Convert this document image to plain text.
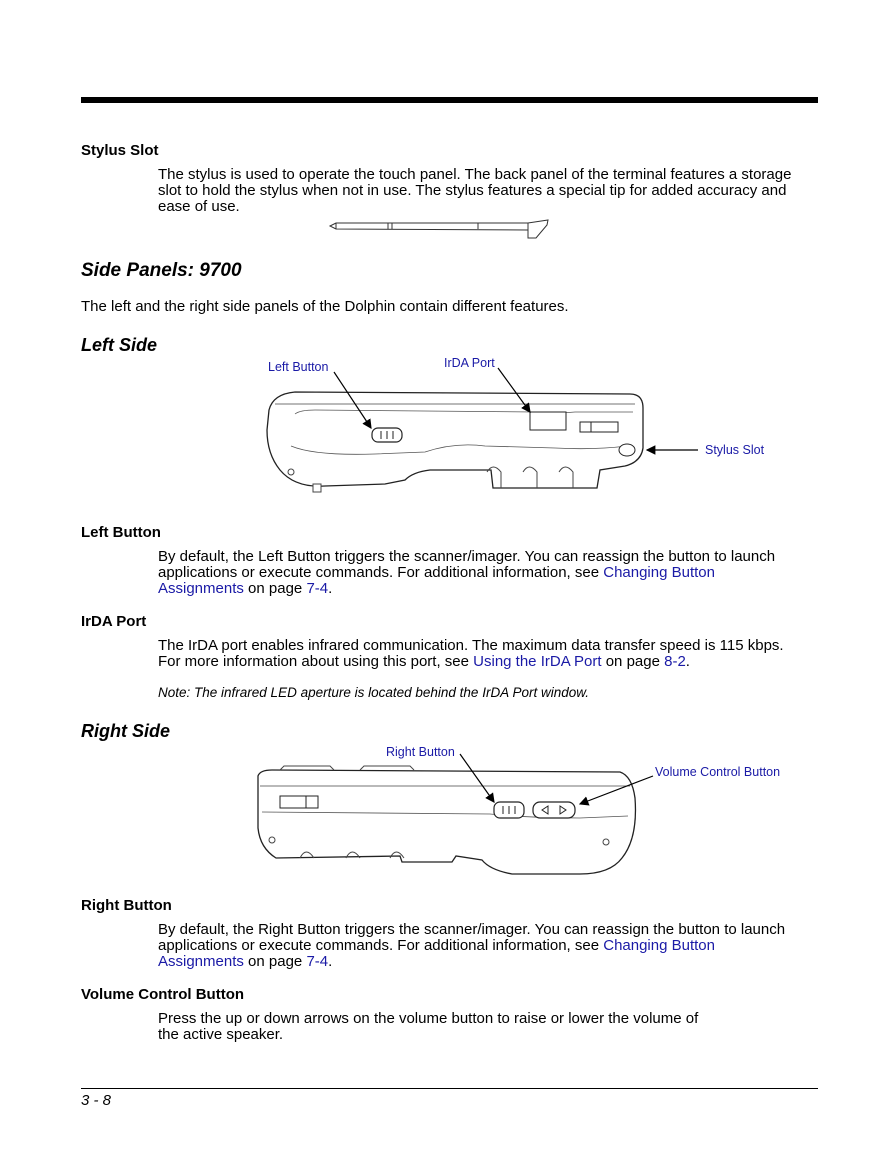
Stylus Slot
The stylus is used to operate the touch panel. The back panel of the terminal features a storage
slot to hold the stylus when not in use. The stylus features a special tip for added accuracy and
ease of use.
Side Panels: 9700
The left and the right side panels of the Dolphin contain different features.
Left Side
Left Button	IrDA Port
Stylus Slot
Left Button
By default, the Left Button triggers the scanner/imager. You can reassign the button to launch
applications or execute commands. For additional information, see Changing Button
Assignments on page 7-4.
IrDA Port
The IrDA port enables infrared communication. The maximum data transfer speed is 115 kbps.
For more information about using this port, see Using the IrDA Port on page 8-2.
Note: The infrared LED aperture is located behind the IrDA Port window.
Right Side
Right Button
Volume Control Button
Right Button
By default, the Right Button triggers the scanner/imager. You can reassign the button to launch
applications or execute commands. For additional information, see Changing Button
Assignments on page 7-4.
Volume Control Button
Press the up or down arrows on the volume button to raise or lower the volume of
the active speaker.
3 - 8
